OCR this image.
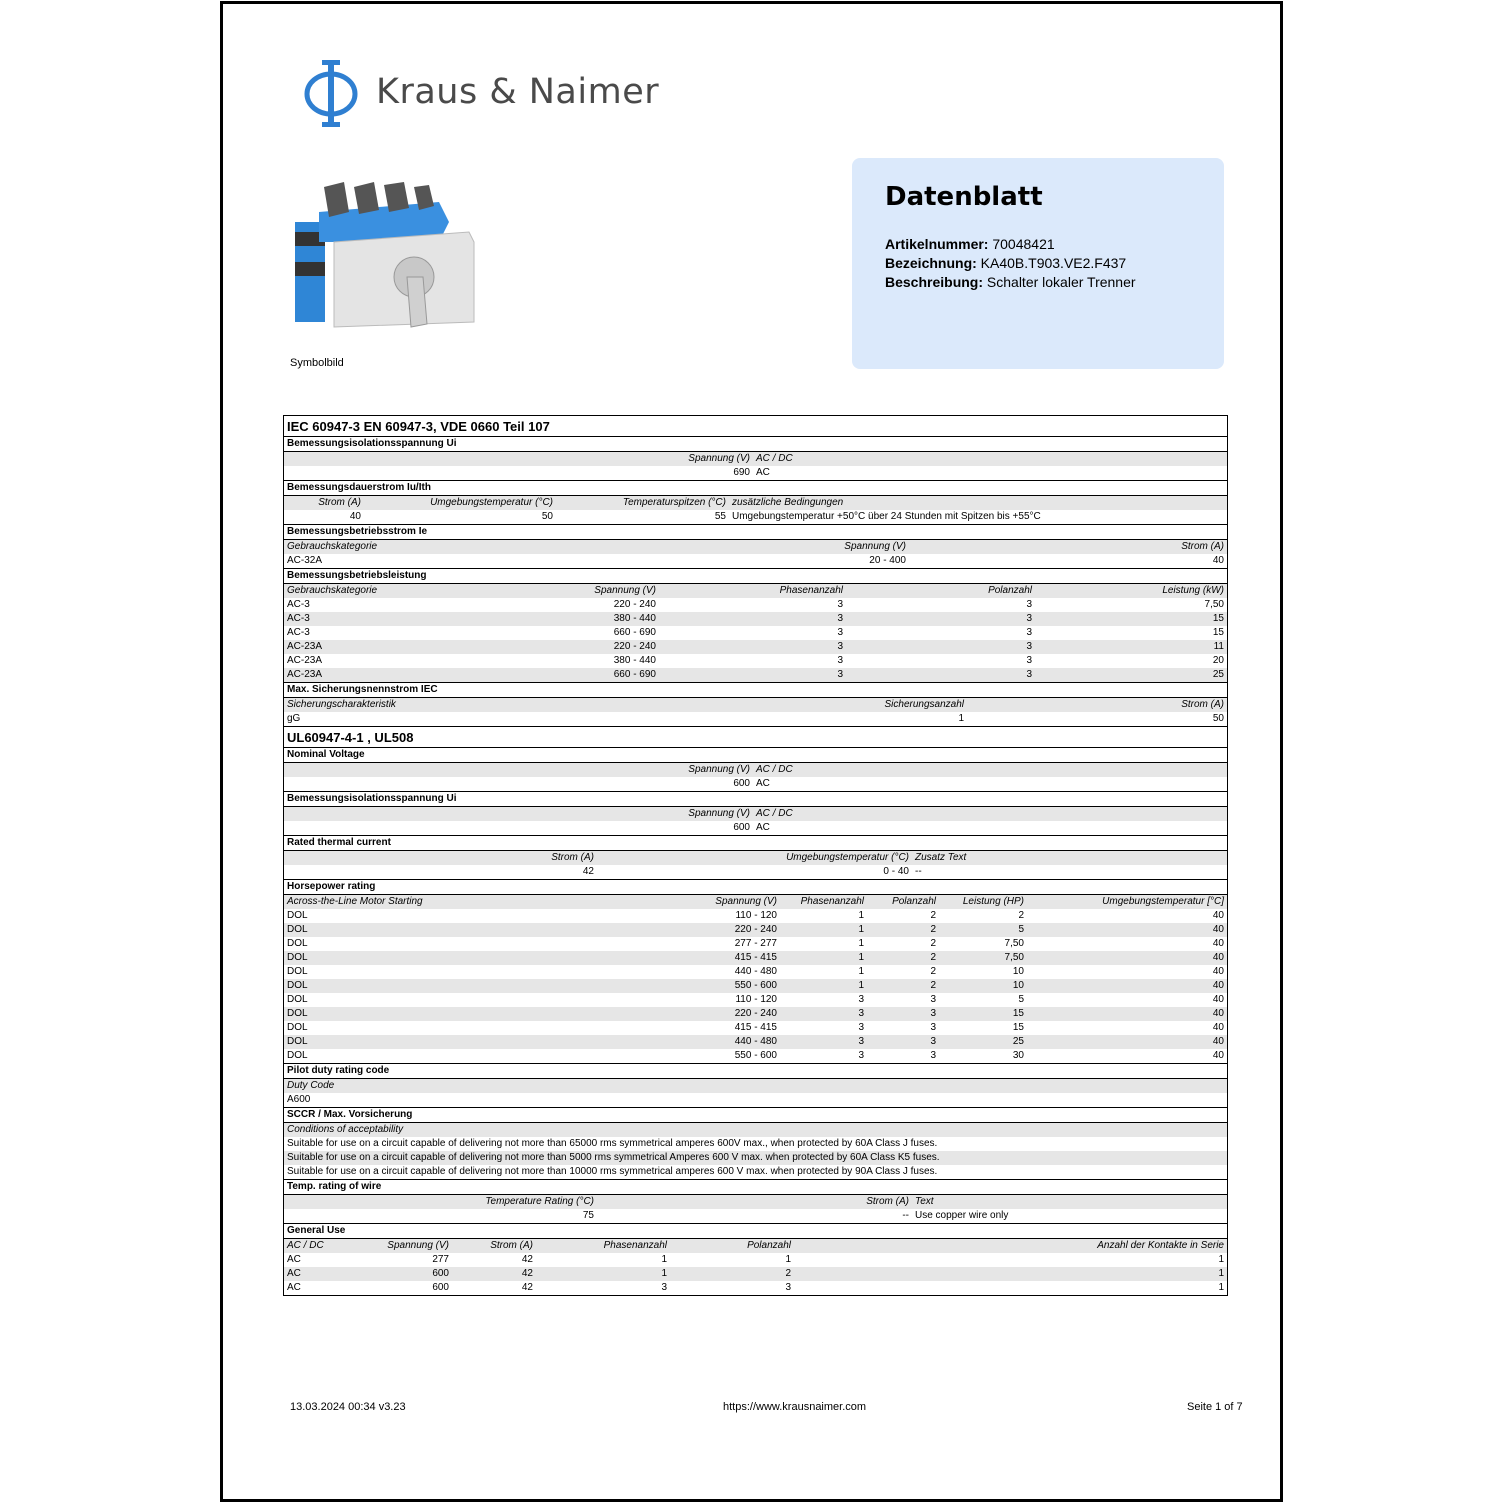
Kraus & Naimer
Symbolbild
Datenblatt
Artikelnummer: 70048421
Bezeichnung: KA40B.T903.VE2.F437
Beschreibung: Schalter lokaler Trenner
IEC 60947-3 EN 60947-3, VDE 0660 Teil 107
Bemessungsisolationsspannung Ui
Spannung (V)	AC / DC
690	AC
Bemessungsdauerstrom Iu/Ith
Strom (A)	Umgebungstemperatur (°C)	Temperaturspitzen (°C)	zusätzliche Bedingungen
40	50	55	Umgebungstemperatur +50°C über 24 Stunden mit Spitzen bis +55°C
Bemessungsbetriebsstrom Ie
Gebrauchskategorie	Spannung (V)	Strom (A)
AC-32A	20 - 400	40
Bemessungsbetriebsleistung
Gebrauchskategorie	Spannung (V)	Phasenanzahl	Polanzahl	Leistung (kW)
AC-3	220 - 240	3	3	7,50
AC-3	380 - 440	3	3	15
AC-3	660 - 690	3	3	15
AC-23A	220 - 240	3	3	11
AC-23A	380 - 440	3	3	20
AC-23A	660 - 690	3	3	25
Max. Sicherungsnennstrom IEC
Sicherungscharakteristik	Sicherungsanzahl	Strom (A)
gG	1	50
UL60947-4-1 , UL508
Nominal Voltage
Spannung (V)	AC / DC
600	AC
Bemessungsisolationsspannung Ui
Spannung (V)	AC / DC
600	AC
Rated thermal current
Strom (A)	Umgebungstemperatur (°C)	Zusatz Text
42	0 - 40	--
Horsepower rating
Across-the-Line Motor Starting	Spannung (V)	Phasenanzahl	Polanzahl	Leistung (HP)	Umgebungstemperatur [°C]
DOL	110 - 120	1	2	2	40
DOL	220 - 240	1	2	5	40
DOL	277 - 277	1	2	7,50	40
DOL	415 - 415	1	2	7,50	40
DOL	440 - 480	1	2	10	40
DOL	550 - 600	1	2	10	40
DOL	110 - 120	3	3	5	40
DOL	220 - 240	3	3	15	40
DOL	415 - 415	3	3	15	40
DOL	440 - 480	3	3	25	40
DOL	550 - 600	3	3	30	40
Pilot duty rating code
Duty Code
A600
SCCR / Max. Vorsicherung
Conditions of acceptability
Suitable for use on a circuit capable of delivering not more than 65000 rms symmetrical amperes 600V max., when protected by 60A Class J fuses.
Suitable for use on a circuit capable of delivering not more than 5000 rms symmetrical Amperes 600 V max. when protected by 60A Class K5 fuses.
Suitable for use on a circuit capable of delivering not more than 10000 rms symmetrical amperes 600 V max. when protected by 90A Class J fuses.
Temp. rating of wire
Temperature Rating (°C)	Strom (A)	Text
75	--	Use copper wire only
General Use
AC / DC	Spannung (V)	Strom (A)	Phasenanzahl	Polanzahl	Anzahl der Kontakte in Serie
AC	277	42	1	1	1
AC	600	42	1	2	1
AC	600	42	3	3	1
13.03.2024 00:34 v3.23	https://www.krausnaimer.com	Seite 1 of 7
